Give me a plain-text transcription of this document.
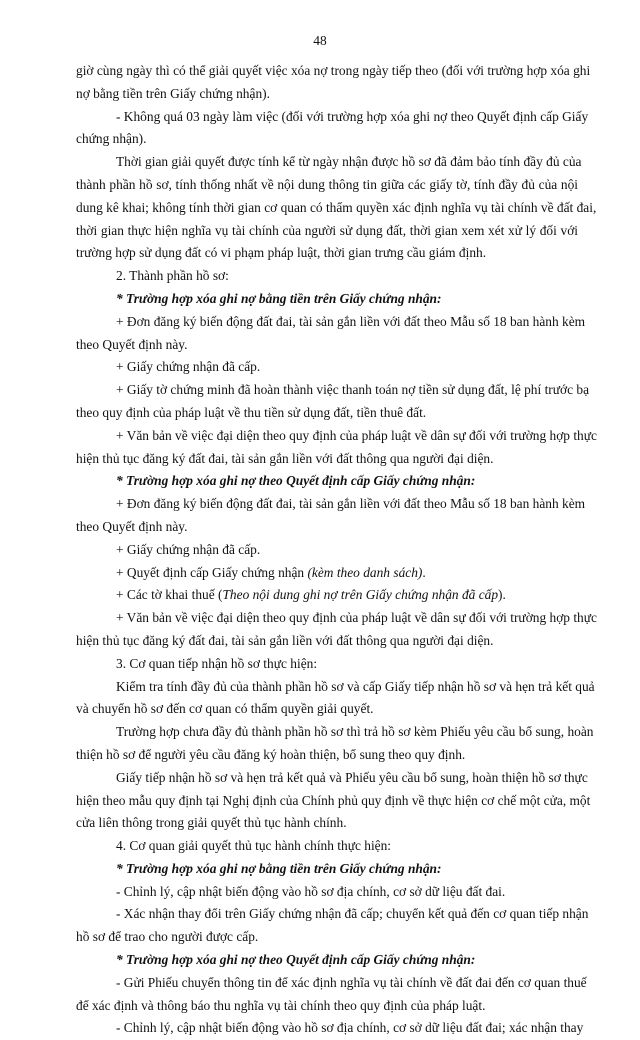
48
giờ cùng ngày thì có thể giải quyết việc xóa nợ trong ngày tiếp theo (đối với trường hợp xóa ghi
nợ bằng tiền trên Giấy chứng nhận).
- Không quá 03 ngày làm việc (đối với trường hợp xóa ghi nợ theo Quyết định cấp Giấy
chứng nhận).
Thời gian giải quyết được tính kể từ ngày nhận được hồ sơ đã đảm bảo tính đầy đủ của
thành phần hồ sơ, tính thống nhất về nội dung thông tin giữa các giấy tờ, tính đầy đủ của nội
dung kê khai; không tính thời gian cơ quan có thẩm quyền xác định nghĩa vụ tài chính về đất đai,
thời gian thực hiện nghĩa vụ tài chính của người sử dụng đất, thời gian xem xét xử lý đối với
trường hợp sử dụng đất có vi phạm pháp luật, thời gian trưng cầu giám định.
2. Thành phần hồ sơ:
* Trường hợp xóa ghi nợ bằng tiền trên Giấy chứng nhận:
+ Đơn đăng ký biến động đất đai, tài sản gắn liền với đất theo Mẫu số 18 ban hành kèm
theo Quyết định này.
+ Giấy chứng nhận đã cấp.
+ Giấy tờ chứng minh đã hoàn thành việc thanh toán nợ tiền sử dụng đất, lệ phí trước bạ
theo quy định của pháp luật về thu tiền sử dụng đất, tiền thuê đất.
+ Văn bản về việc đại diện theo quy định của pháp luật về dân sự đối với trường hợp thực
hiện thủ tục đăng ký đất đai, tài sản gắn liền với đất thông qua người đại diện.
* Trường hợp xóa ghi nợ theo Quyết định cấp Giấy chứng nhận:
+ Đơn đăng ký biến động đất đai, tài sản gắn liền với đất theo Mẫu số 18 ban hành kèm
theo Quyết định này.
+ Giấy chứng nhận đã cấp.
+ Quyết định cấp Giấy chứng nhận (kèm theo danh sách).
+ Các tờ khai thuế (Theo nội dung ghi nợ trên Giấy chứng nhận đã cấp).
+ Văn bản về việc đại diện theo quy định của pháp luật về dân sự đối với trường hợp thực
hiện thủ tục đăng ký đất đai, tài sản gắn liền với đất thông qua người đại diện.
3. Cơ quan tiếp nhận hồ sơ thực hiện:
Kiểm tra tính đầy đủ của thành phần hồ sơ và cấp Giấy tiếp nhận hồ sơ và hẹn trả kết quả
và chuyển hồ sơ đến cơ quan có thẩm quyền giải quyết.
Trường hợp chưa đầy đủ thành phần hồ sơ thì trả hồ sơ kèm Phiếu yêu cầu bổ sung, hoàn
thiện hồ sơ để người yêu cầu đăng ký hoàn thiện, bổ sung theo quy định.
Giấy tiếp nhận hồ sơ và hẹn trả kết quả và Phiếu yêu cầu bổ sung, hoàn thiện hồ sơ thực
hiện theo mẫu quy định tại Nghị định của Chính phủ quy định về thực hiện cơ chế một cửa, một
cửa liên thông trong giải quyết thủ tục hành chính.
4. Cơ quan giải quyết thủ tục hành chính thực hiện:
* Trường hợp xóa ghi nợ bằng tiền trên Giấy chứng nhận:
- Chỉnh lý, cập nhật biến động vào hồ sơ địa chính, cơ sở dữ liệu đất đai.
- Xác nhận thay đổi trên Giấy chứng nhận đã cấp; chuyển kết quả đến cơ quan tiếp nhận
hồ sơ để trao cho người được cấp.
* Trường hợp xóa ghi nợ theo Quyết định cấp Giấy chứng nhận:
- Gửi Phiếu chuyển thông tin để xác định nghĩa vụ tài chính về đất đai đến cơ quan thuế
để xác định và thông báo thu nghĩa vụ tài chính theo quy định của pháp luật.
- Chỉnh lý, cập nhật biến động vào hồ sơ địa chính, cơ sở dữ liệu đất đai; xác nhận thay
